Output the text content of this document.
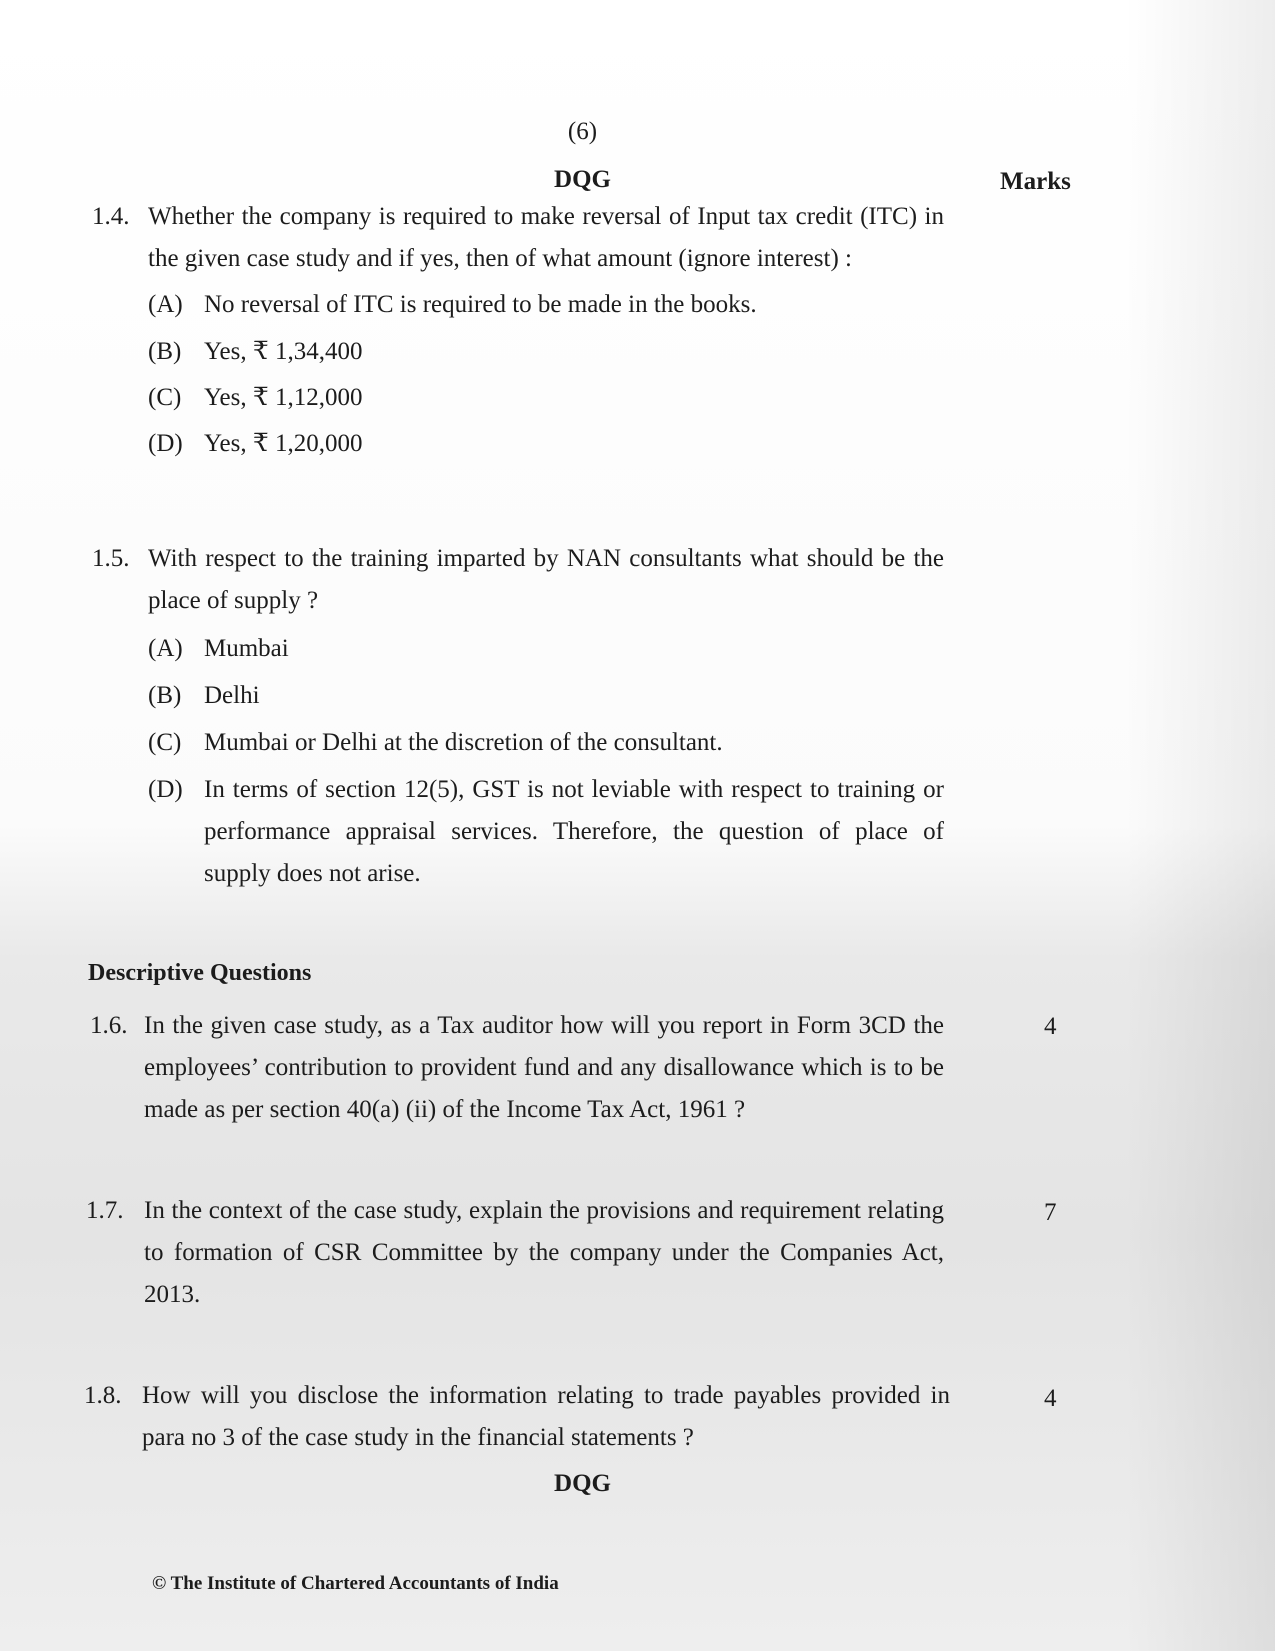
(6)
DQG	Marks
1.4. Whether the company is required to make reversal of Input tax credit (ITC) in the given case study and if yes, then of what amount (ignore interest) :
(A) No reversal of ITC is required to be made in the books.
(B) Yes, ₹ 1,34,400
(C) Yes, ₹ 1,12,000
(D) Yes, ₹ 1,20,000
1.5. With respect to the training imparted by NAN consultants what should be the place of supply ?
(A) Mumbai
(B) Delhi
(C) Mumbai or Delhi at the discretion of the consultant.
(D) In terms of section 12(5), GST is not leviable with respect to training or performance appraisal services. Therefore, the question of place of supply does not arise.
Descriptive Questions
1.6. In the given case study, as a Tax auditor how will you report in Form 3CD the employees’ contribution to provident fund and any disallowance which is to be made as per section 40(a) (ii) of the Income Tax Act, 1961 ?
4
1.7. In the context of the case study, explain the provisions and requirement relating to formation of CSR Committee by the company under the Companies Act, 2013.
7
1.8. How will you disclose the information relating to trade payables provided in para no 3 of the case study in the financial statements ?
4
DQG
© The Institute of Chartered Accountants of India
